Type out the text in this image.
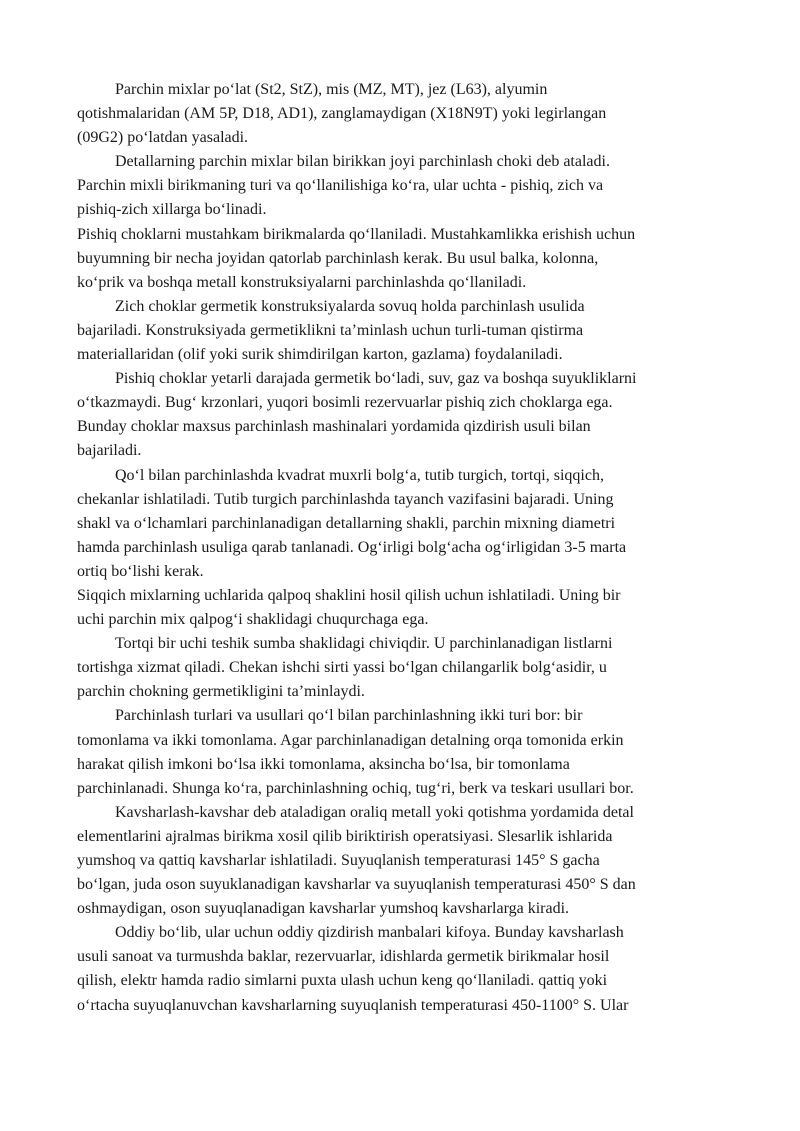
Parchin mixlar po‘lat (St2, StZ), mis (MZ, MT), jez (L63), alyumin
qotishmalaridan (AM 5P, D18, AD1), zanglamaydigan (X18N9T) yoki legirlangan
(09G2) po‘latdan yasaladi.

Detallarning parchin mixlar bilan birikkan joyi parchinlash choki deb ataladi.
Parchin mixli birikmaning turi va qo‘llanilishiga ko‘ra, ular uchta - pishiq, zich va
pishiq-zich xillarga bo‘linadi.

Pishiq choklarni mustahkam birikmalarda qo‘llaniladi. Mustahkamlikka erishish uchun
buyumning bir necha joyidan qatorlab parchinlash kerak. Bu usul balka, kolonna,
ko‘prik va boshqa metall konstruksiyalarni parchinlashda qo‘llaniladi.

Zich choklar germetik konstruksiyalarda sovuq holda parchinlash usulida
bajariladi. Konstruksiyada germetiklikni ta’minlash uchun turli-tuman qistirma
materiallaridan (olif yoki surik shimdirilgan karton, gazlama) foydalaniladi.

Pishiq choklar yetarli darajada germetik bo‘ladi, suv, gaz va boshqa suyukliklarni
o‘tkazmaydi. Bug‘ krzonlari, yuqori bosimli rezervuarlar pishiq zich choklarga ega.
Bunday choklar maxsus parchinlash mashinalari yordamida qizdirish usuli bilan
bajariladi.

Qo‘l bilan parchinlashda kvadrat muxrli bolg‘a, tutib turgich, tortqi, siqqich,
chekanlar ishlatiladi. Tutib turgich parchinlashda tayanch vazifasini bajaradi. Uning
shakl va o‘lchamlari parchinlanadigan detallarning shakli, parchin mixning diametri
hamda parchinlash usuliga qarab tanlanadi. Og‘irligi bolg‘acha og‘irligidan 3-5 marta
ortiq bo‘lishi kerak.

Siqqich mixlarning uchlarida qalpoq shaklini hosil qilish uchun ishlatiladi. Uning bir
uchi parchin mix qalpog‘i shaklidagi chuqurchaga ega.

Tortqi bir uchi teshik sumba shaklidagi chiviqdir. U parchinlanadigan listlarni
tortishga xizmat qiladi. Chekan ishchi sirti yassi bo‘lgan chilangarlik bolg‘asidir, u
parchin chokning germetikligini ta’minlaydi.

Parchinlash turlari va usullari qo‘l bilan parchinlashning ikki turi bor: bir
tomonlama va ikki tomonlama. Agar parchinlanadigan detalning orqa tomonida erkin
harakat qilish imkoni bo‘lsa ikki tomonlama, aksincha bo‘lsa, bir tomonlama
parchinlanadi. Shunga ko‘ra, parchinlashning ochiq, tug‘ri, berk va teskari usullari bor.

Kavsharlash-kavshar deb ataladigan oraliq metall yoki qotishma yordamida detal
elementlarini ajralmas birikma xosil qilib biriktirish operatsiyasi. Slesarlik ishlarida
yumshoq va qattiq kavsharlar ishlatiladi. Suyuqlanish temperaturasi 145° S gacha
bo‘lgan, juda oson suyuklanadigan kavsharlar va suyuqlanish temperaturasi 450° S dan
oshmaydigan, oson suyuqlanadigan kavsharlar yumshoq kavsharlarga kiradi.

Oddiy bo‘lib, ular uchun oddiy qizdirish manbalari kifoya. Bunday kavsharlash
usuli sanoat va turmushda baklar, rezervuarlar, idishlarda germetik birikmalar hosil
qilish, elektr hamda radio simlarni puxta ulash uchun keng qo‘llaniladi. qattiq yoki
o‘rtacha suyuqlanuvchan kavsharlarning suyuqlanish temperaturasi 450-1100° S. Ular
